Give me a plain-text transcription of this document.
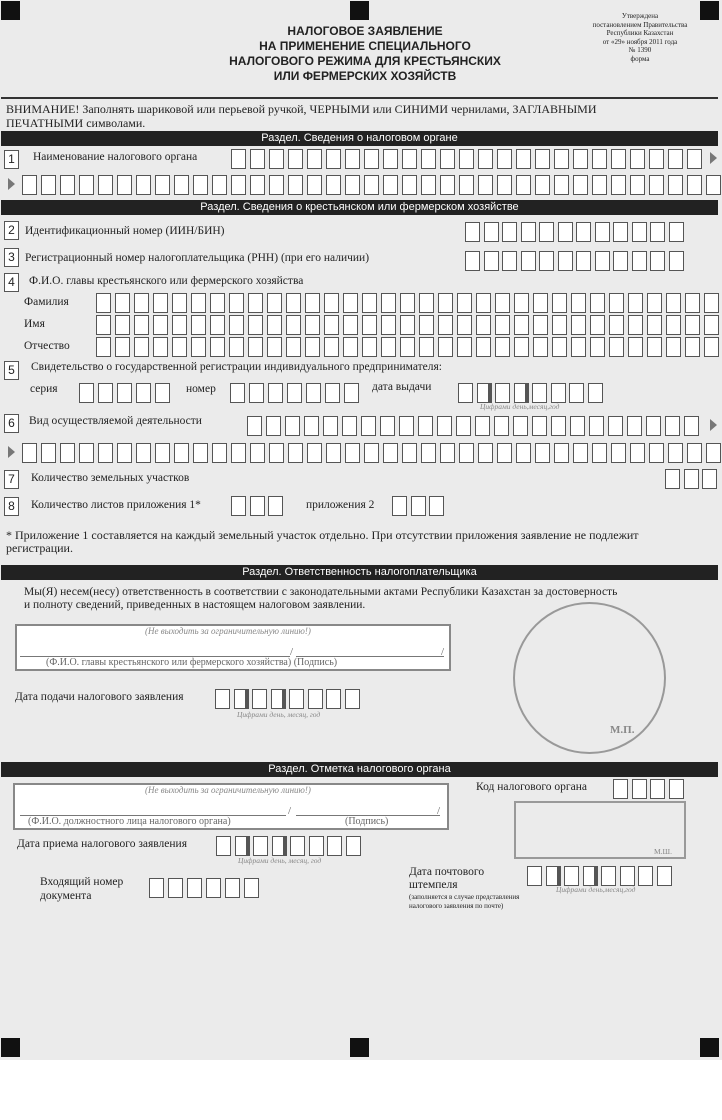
Утверждена
постановлением Правительства
Республики Казахстан
от «29» ноября 2011 года
№ 1390
форма
НАЛОГОВОЕ ЗАЯВЛЕНИЕ
НА ПРИМЕНЕНИЕ СПЕЦИАЛЬНОГО
НАЛОГОВОГО РЕЖИМА ДЛЯ КРЕСТЬЯНСКИХ
ИЛИ ФЕРМЕРСКИХ ХОЗЯЙСТВ
ВНИМАНИЕ! Заполнять шариковой или перьевой ручкой, ЧЕРНЫМИ или СИНИМИ чернилами, ЗАГЛАВНЫМИ
ПЕЧАТНЫМИ символами.
Раздел. Сведения о налоговом органе
1	Наименование налогового органа
Раздел. Сведения о крестьянском или фермерском хозяйстве
2 Идентификационный номер (ИИН/БИН)
3 Регистрационный номер налогоплательщика (РНН) (при его наличии)
4	Ф.И.О. главы крестьянского или фермерского хозяйства
Фамилия
Имя
Отчество
5	Свидетельство о государственной регистрации индивидуального предпринимателя:
серия	номер	дата выдачи
Цифрами день,месяц,год
6	Вид осуществляемой деятельности
7	Количество земельных участков
8	Количество листов приложения 1*	приложения 2
* Приложение 1 составляется на каждый земельный участок отдельно. При отсутствии приложения заявление не подлежит
регистрации.
Раздел. Ответственность налогоплательщика
Мы(Я) несем(несу) ответственность в соответствии с законодательными актами Республики Казахстан за достоверность
и полноту сведений, приведенных в настоящем налоговом заявлении.
(Не выходить за ограничительную линию!)
/	/
(Ф.И.О. главы крестьянского или фермерского хозяйства) (Подпись)
Дата подачи налогового заявления
Цифрами день, месяц, год
М.П.
Раздел. Отметка налогового органа
(Не выходить за ограничительную линию!)
/	/
(Ф.И.О. должностного лица налогового органа)	(Подпись)
Код налогового органа
М.Ш.
Дата приема налогового заявления
Цифрами день, месяц, год
Входящий номер
документа
Дата почтового
штемпеля
(заполняется в случае представления
налогового заявления по почте)
Цифрами день,месяц,год
